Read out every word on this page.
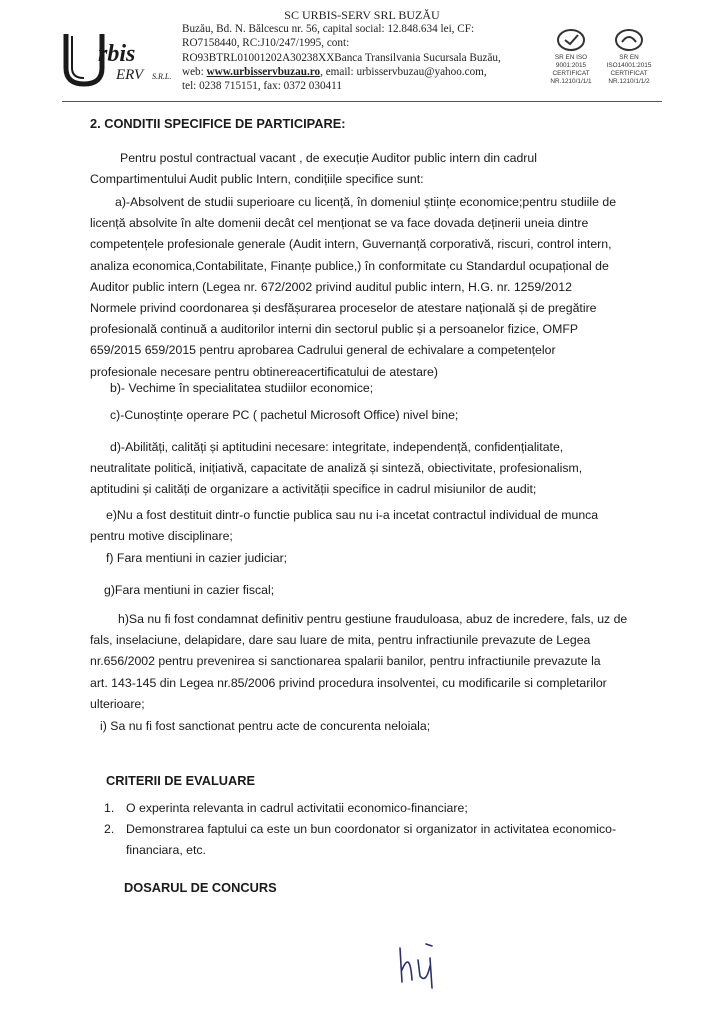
rbis
ERV S.R.L.
SC URBIS-SERV SRL BUZĂU
Buzău, Bd. N. Bălcescu nr. 56, capital social: 12.848.634 lei, CF:
RO7158440, RC:J10/247/1995, cont:
RO93BTRL01001202A30238XXBanca Transilvania Sucursala Buzău,
web: www.urbisservbuzau.ro, email: urbisservbuzau@yahoo.com,
tel: 0238 715151, fax: 0372 030411
SR EN ISO
9001:2015
CERTIFICAT
NR.1210/1/1/1
SR EN
ISO14001:2015
CERTIFICAT
NR.1210/1/1/2
2. CONDITII SPECIFICE DE PARTICIPARE:
Pentru postul contractual vacant , de execuție Auditor public intern din cadrul
Compartimentului Audit public Intern, condițiile specifice sunt:
a)-Absolvent de studii superioare cu licență, în domeniul științe economice;pentru studiile de
licență absolvite în alte domenii decât cel menționat se va face dovada deținerii uneia dintre
competențele profesionale generale (Audit intern, Guvernanță corporativă, riscuri, control intern,
analiza economica,Contabilitate, Finanțe publice,) în conformitate cu Standardul ocupațional de
Auditor public intern (Legea nr. 672/2002 privind auditul public intern, H.G. nr. 1259/2012
Normele privind coordonarea și desfășurarea proceselor de atestare națională și de pregătire
profesională continuă a auditorilor interni din sectorul public și a persoanelor fizice, OMFP
659/2015 659/2015 pentru aprobarea Cadrului general de echivalare a competențelor
profesionale necesare pentru obtinereacertificatului de atestare)
b)- Vechime în specialitatea studiilor economice;
c)-Cunoștințe operare PC ( pachetul Microsoft Office) nivel bine;
d)-Abilități, calități și aptitudini necesare: integritate, independență, confidențialitate,
neutralitate politică, inițiativă, capacitate de analiză și sinteză, obiectivitate, profesionalism,
aptitudini și calități de organizare a activității specifice in cadrul misiunilor de audit;
e)Nu a fost destituit dintr-o functie publica sau nu i-a incetat contractul individual de munca
pentru motive disciplinare;
f) Fara mentiuni in cazier judiciar;
g)Fara mentiuni in cazier fiscal;
h)Sa nu fi fost condamnat definitiv pentru gestiune frauduloasa, abuz de incredere, fals, uz de
fals, inselaciune, delapidare, dare sau luare de mita, pentru infractiunile prevazute de Legea
nr.656/2002 pentru prevenirea si sanctionarea spalarii banilor, pentru infractiunile prevazute la
art. 143-145 din Legea nr.85/2006 privind procedura insolventei, cu modificarile si completarilor
ulterioare;
i) Sa nu fi fost sanctionat pentru acte de concurenta neloiala;
CRITERII DE EVALUARE
1. O experinta relevanta in cadrul activitatii economico-financiare;
2. Demonstrarea faptului ca este un bun coordonator si organizator in activitatea economico-
financiara, etc.
DOSARUL DE CONCURS
